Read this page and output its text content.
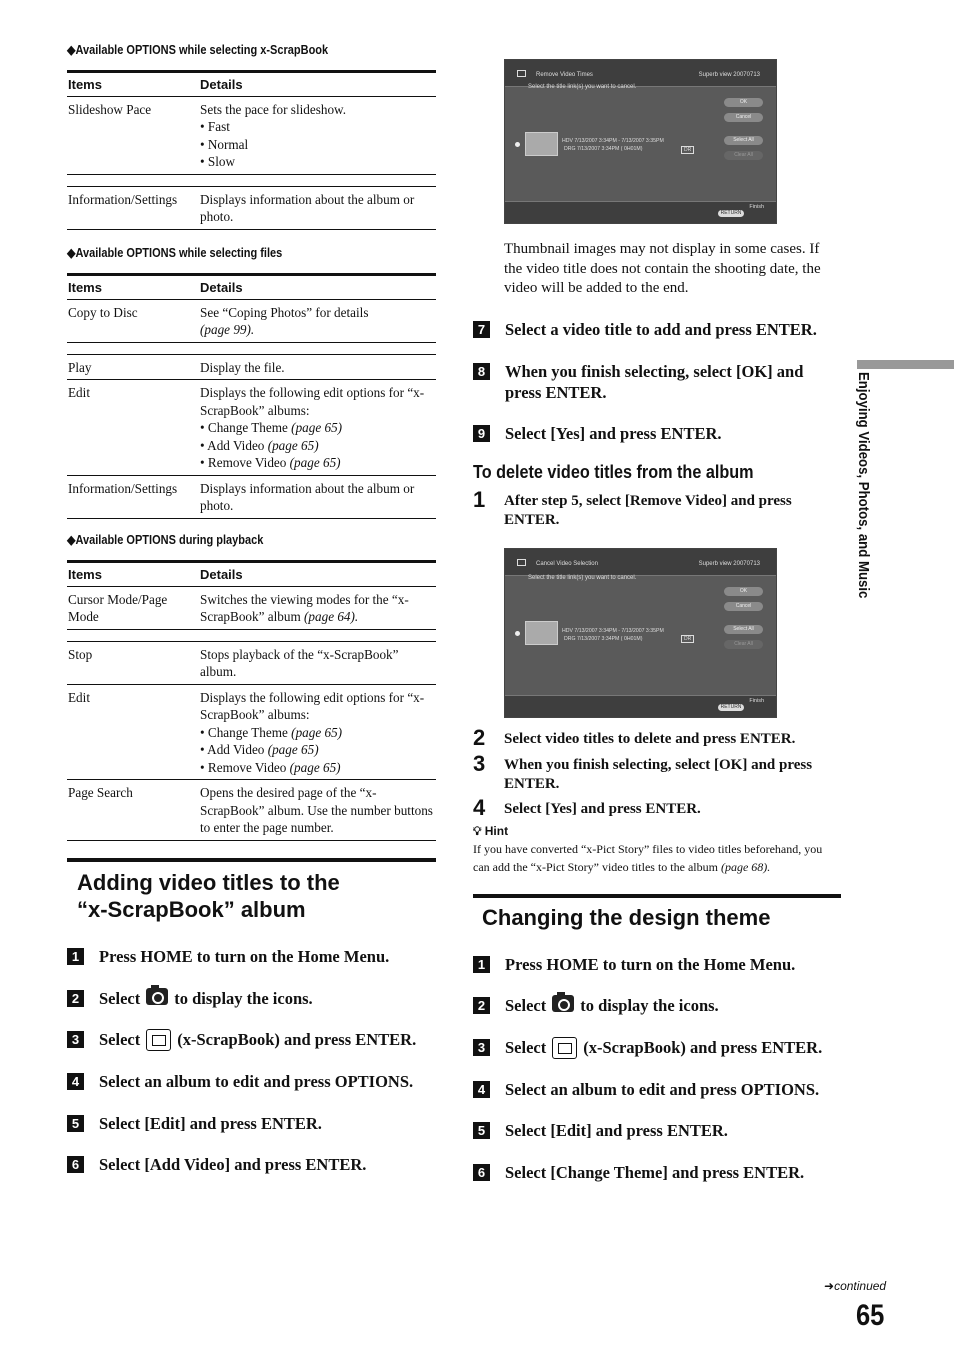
◆Available OPTIONS while selecting x-ScrapBook
Items	Details
Slideshow Pace	Sets the pace for slideshow.
• Fast
• Normal
• Slow

Information/Settings	Displays information about the album or photo.
◆Available OPTIONS while selecting files
Items	Details
Copy to Disc	See “Coping Photos” for details
(page 99).

Play	Display the file.
Edit	Displays the following edit options for “x-ScrapBook” albums:
• Change Theme (page 65)
• Add Video (page 65)
• Remove Video (page 65)

Information/Settings	Displays information about the album or photo.
◆Available OPTIONS during playback
Items	Details
Cursor Mode/Page Mode	Switches the viewing modes for the “x-ScrapBook” album (page 64).

Stop	Stops playback of the “x-ScrapBook” album.
Edit	Displays the following edit options for “x-ScrapBook” albums:
• Change Theme (page 65)
• Add Video (page 65)
• Remove Video (page 65)

Page Search	Opens the desired page of the “x-ScrapBook” album. Use the number buttons to enter the page number.
Adding video titles to the “x-ScrapBook” album
1 Press HOME to turn on the Home Menu.
2 Select to display the icons.
3 Select (x-ScrapBook) and press ENTER.
4 Select an album to edit and press OPTIONS.
5 Select [Edit] and press ENTER.
6 Select [Add Video] and press ENTER.
Remove Video Times	Superb view 20070713
Select the title link(s) you want to cancel.
OK
Cancel
Select All
Clear All
HDV 7/13/2007 3:34PM - 7/13/2007 3:35PM
DRG 7/13/2007 3:34PM ( 0H01M)	DR
RETURN
Finish
Thumbnail images may not display in some cases. If the video title does not contain the shooting date, the video will be added to the end.
7 Select a video title to add and press ENTER.
8 When you finish selecting, select [OK] and press ENTER.
9 Select [Yes] and press ENTER.
To delete video titles from the album
1	After step 5, select [Remove Video] and press ENTER.
Cancel Video Selection	Superb view 20070713
Select the title link(s) you want to cancel.
OK
Cancel
Select All
Clear All
HDV 7/13/2007 3:34PM - 7/13/2007 3:35PM
DRG 7/13/2007 3:34PM ( 0H01M)	DR
RETURN
Finish
2	Select video titles to delete and press ENTER.
3	When you finish selecting, select [OK] and press ENTER.
4	Select [Yes] and press ENTER.
💡︎ Hint
If you have converted “x-Pict Story” files to video titles beforehand, you can add the “x-Pict Story” video titles to the album (page 68).
Changing the design theme
1 Press HOME to turn on the Home Menu.
2 Select to display the icons.
3 Select (x-ScrapBook) and press ENTER.
4 Select an album to edit and press OPTIONS.
5 Select [Edit] and press ENTER.
6 Select [Change Theme] and press ENTER.
Enjoying Videos, Photos, and Music
➜continued
65
